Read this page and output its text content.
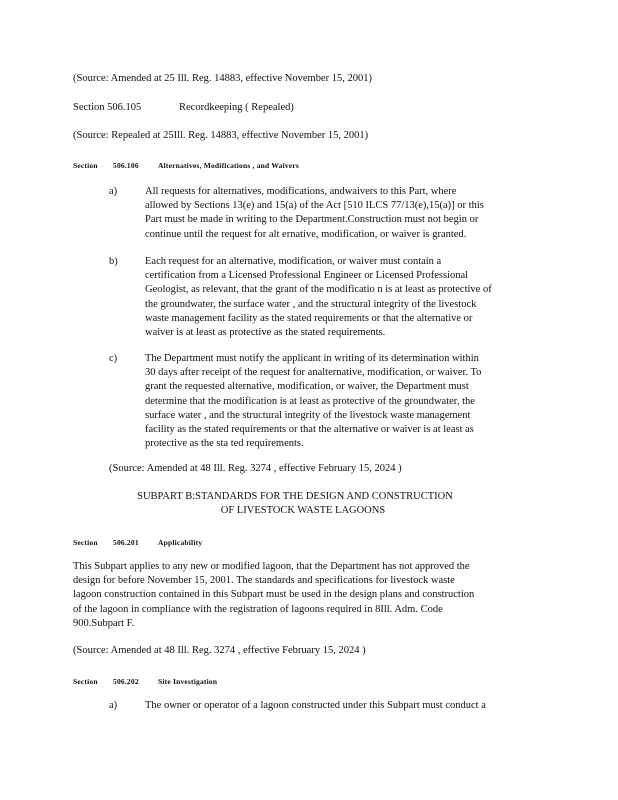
(Source: Amended at 25 Ill. Reg. 14883, effective November 15, 2001)
Section 506.105	Recordkeeping ( Repealed)
(Source: Repealed at 25Ill. Reg. 14883, effective November 15, 2001)
Section 506.106	Alternatives, Modifications , and Waivers
a)	All requests for alternatives, modifications, andwaivers to this Part, where
allowed by Sections 13(e) and 15(a) of the Act [510 ILCS 77/13(e),15(a)] or this
Part must be made in writing to the Department.Construction must not begin or
continue until the request for alt ernative, modification, or waiver is granted.
b)	Each request for an alternative, modification, or waiver must contain a
certification from a Licensed Professional Engineer or Licensed Professional
Geologist, as relevant, that the grant of the modificatio n is at least as protective of
the groundwater, the surface water , and the structural integrity of the livestock
waste management facility as the stated requirements or that the alternative or
waiver is at least as protective as the stated requirements.
c)	The Department must notify the applicant in writing of its determination within
30 days after receipt of the request for analternative, modification, or waiver. To
grant the requested alternative, modification, or waiver, the Department must
determine that the modification is at least as protective of the groundwater, the
surface water , and the structural integrity of the livestock waste management
facility as the stated requirements or that the alternative or waiver is at least as
protective as the sta ted requirements.
(Source: Amended at 48 Ill. Reg. 3274 , effective February 15, 2024 )
SUBPART B:STANDARDS FOR THE DESIGN AND CONSTRUCTION
OF LIVESTOCK WASTE LAGOONS
Section 506.201	Applicability
This Subpart applies to any new or modified lagoon, that the Department has not approved the
design for before November 15, 2001. The standards and specifications for livestock waste
lagoon construction contained in this Subpart must be used in the design plans and construction
of the lagoon in compliance with the registration of lagoons required in 8Ill. Adm. Code
900.Subpart F.
(Source: Amended at 48 Ill. Reg. 3274 , effective February 15, 2024 )
Section 506.202	Site Investigation
a)	The owner or operator of a lagoon constructed under this Subpart must conduct a
